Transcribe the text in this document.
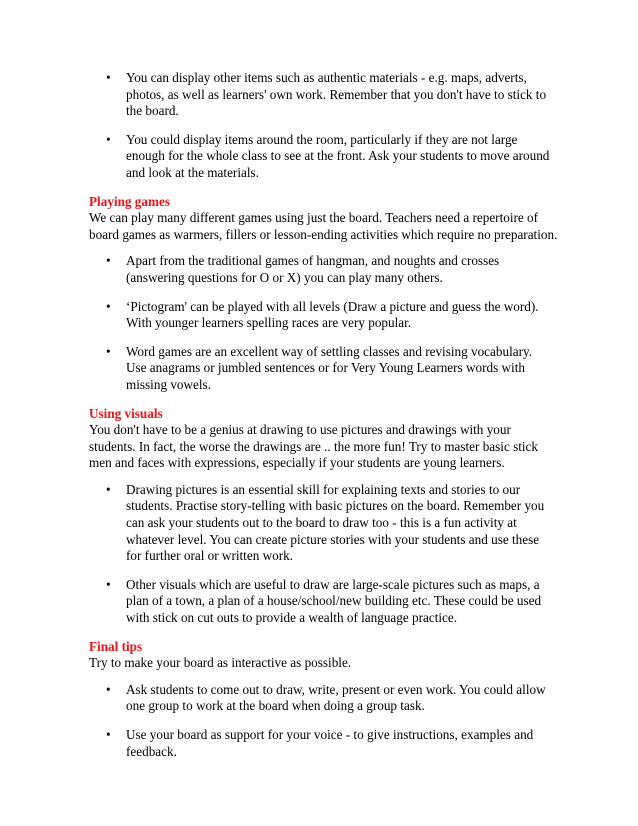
• You can display other items such as authentic materials - e.g. maps, adverts, photos, as well as learners' own work. Remember that you don't have to stick to the board.
• You could display items around the room, particularly if they are not large enough for the whole class to see at the front. Ask your students to move around and look at the materials.
Playing games
We can play many different games using just the board. Teachers need a repertoire of board games as warmers, fillers or lesson-ending activities which require no preparation.
• Apart from the traditional games of hangman, and noughts and crosses (answering questions for O or X) you can play many others.
• ‘Pictogram' can be played with all levels (Draw a picture and guess the word). With younger learners spelling races are very popular.
• Word games are an excellent way of settling classes and revising vocabulary. Use anagrams or jumbled sentences or for Very Young Learners words with missing vowels.
Using visuals
You don't have to be a genius at drawing to use pictures and drawings with your students. In fact, the worse the drawings are .. the more fun! Try to master basic stick men and faces with expressions, especially if your students are young learners.
• Drawing pictures is an essential skill for explaining texts and stories to our students. Practise story-telling with basic pictures on the board. Remember you can ask your students out to the board to draw too - this is a fun activity at whatever level. You can create picture stories with your students and use these for further oral or written work.
• Other visuals which are useful to draw are large-scale pictures such as maps, a plan of a town, a plan of a house/school/new building etc. These could be used with stick on cut outs to provide a wealth of language practice.
Final tips
Try to make your board as interactive as possible.
• Ask students to come out to draw, write, present or even work. You could allow one group to work at the board when doing a group task.
• Use your board as support for your voice - to give instructions, examples and feedback.
